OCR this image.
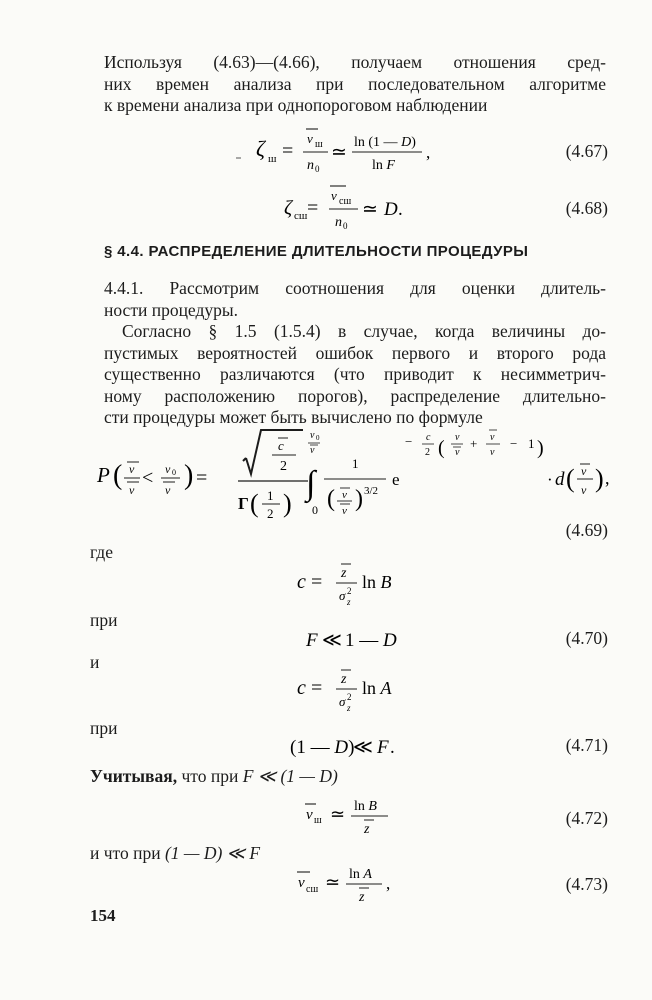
Используя (4.63)—(4.66), получаем отношения сред-
них времен анализа при последовательном алгоритме
к времени анализа при однопороговом наблюдении
ζ ш =
ν ш
n 0
≃ ln (1 — D)
ln F
,	(4.67)
ζ сш =
ν сш
n 0
≃ D .	(4.68)
§ 4.4. РАСПРЕДЕЛЕНИЕ ДЛИТЕЛЬНОСТИ ПРОЦЕДУРЫ
4.4.1. Рассмотрим соотношения для оценки длитель-
ности процедуры.
Согласно § 1.5 (1.5.4) в случае, когда величины до-
пустимых вероятностей ошибок первого и второго рода
существенно различаются (что приводит к несимметрич-
ному расположению порогов), распределение длительно-
сти процедуры может быть вычислено по формуле
P ( ν
ν
< ν 0
ν ) =
c
2
Γ ( 1
2 )
∫
ν 0
ν
0
1
( ν
ν ) 3/2
e
− c
2 ( ν
ν
+ ν
ν
− 1 )
· d ( ν
ν ) ,
(4.69)
где
c = z
σ 2
z
ln B
при
F ≪ 1 — D	(4.70)
и
c = z
σ 2
z
ln A
при
(1 — D)
≪ F .	(4.71)
Учитывая, что при F ≪ (1 — D)
ν ш ≃ ln B
z
(4.72)
и что при (1 — D) ≪ F
ν сш ≃ ln A
z
,	(4.73)
154
